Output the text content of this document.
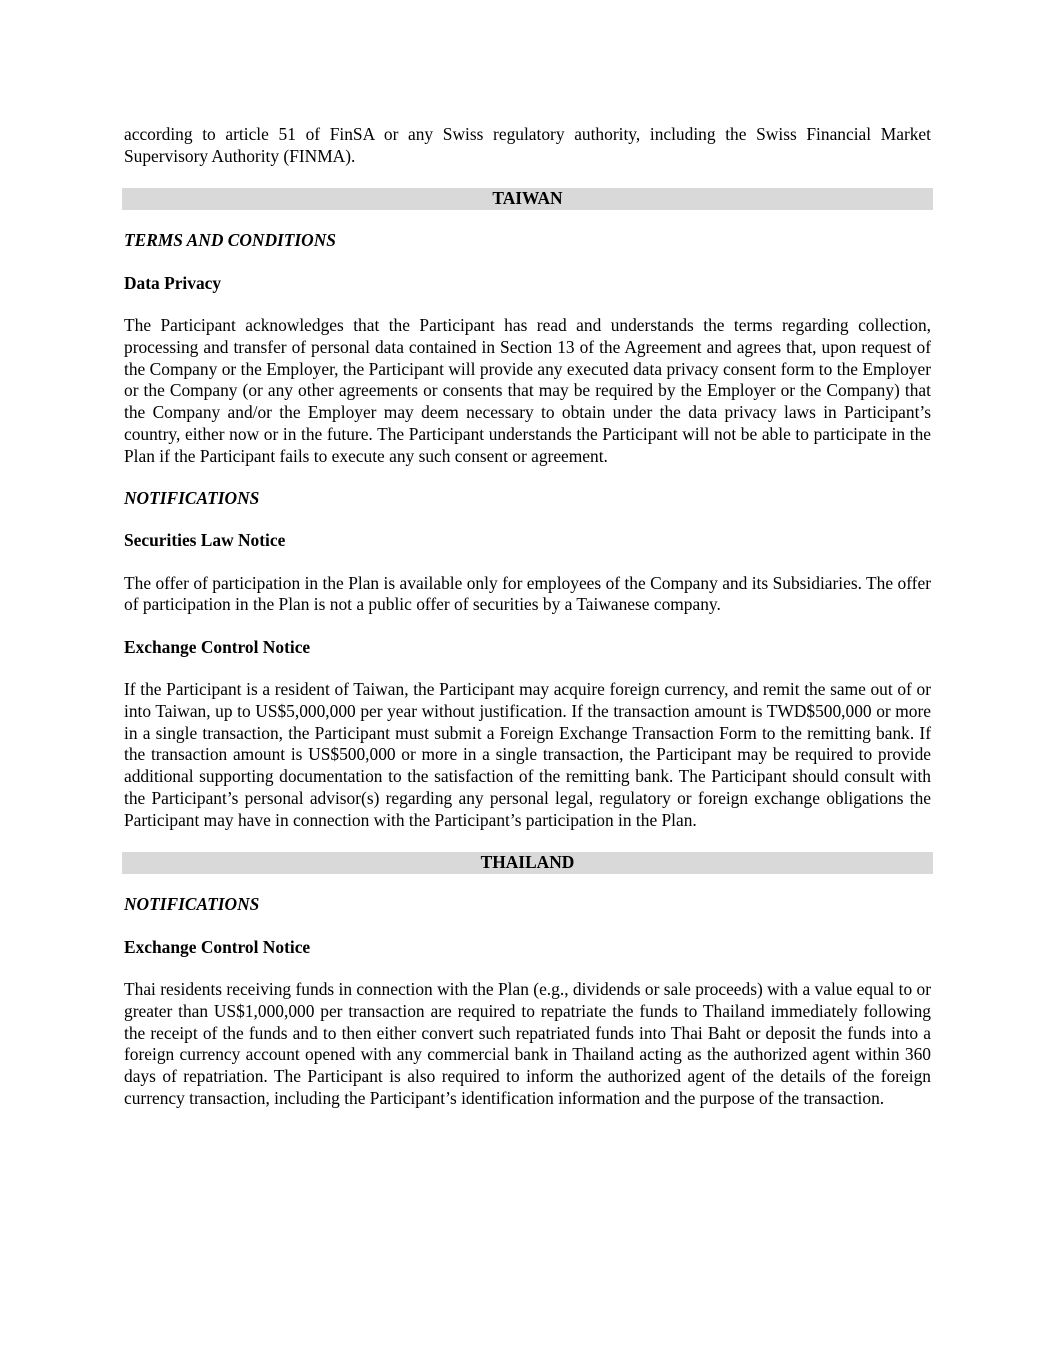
according to article 51 of FinSA or any Swiss regulatory authority, including the Swiss Financial Market Supervisory Authority (FINMA).

TAIWAN

TERMS AND CONDITIONS

Data Privacy

The Participant acknowledges that the Participant has read and understands the terms regarding collection, processing and transfer of personal data contained in Section 13 of the Agreement and agrees that, upon request of the Company or the Employer, the Participant will provide any executed data privacy consent form to the Employer or the Company (or any other agreements or consents that may be required by the Employer or the Company) that the Company and/or the Employer may deem necessary to obtain under the data privacy laws in Participant’s country, either now or in the future. The Participant understands the Participant will not be able to participate in the Plan if the Participant fails to execute any such consent or agreement.

NOTIFICATIONS

Securities Law Notice

The offer of participation in the Plan is available only for employees of the Company and its Subsidiaries. The offer of participation in the Plan is not a public offer of securities by a Taiwanese company.

Exchange Control Notice

If the Participant is a resident of Taiwan, the Participant may acquire foreign currency, and remit the same out of or into Taiwan, up to US$5,000,000 per year without justification. If the transaction amount is TWD$500,000 or more in a single transaction, the Participant must submit a Foreign Exchange Transaction Form to the remitting bank. If the transaction amount is US$500,000 or more in a single transaction, the Participant may be required to provide additional supporting documentation to the satisfaction of the remitting bank. The Participant should consult with the Participant’s personal advisor(s) regarding any personal legal, regulatory or foreign exchange obligations the Participant may have in connection with the Participant’s participation in the Plan.

THAILAND

NOTIFICATIONS

Exchange Control Notice

Thai residents receiving funds in connection with the Plan (e.g., dividends or sale proceeds) with a value equal to or greater than US$1,000,000 per transaction are required to repatriate the funds to Thailand immediately following the receipt of the funds and to then either convert such repatriated funds into Thai Baht or deposit the funds into a foreign currency account opened with any commercial bank in Thailand acting as the authorized agent within 360 days of repatriation. The Participant is also required to inform the authorized agent of the details of the foreign currency transaction, including the Participant’s identification information and the purpose of the transaction.
